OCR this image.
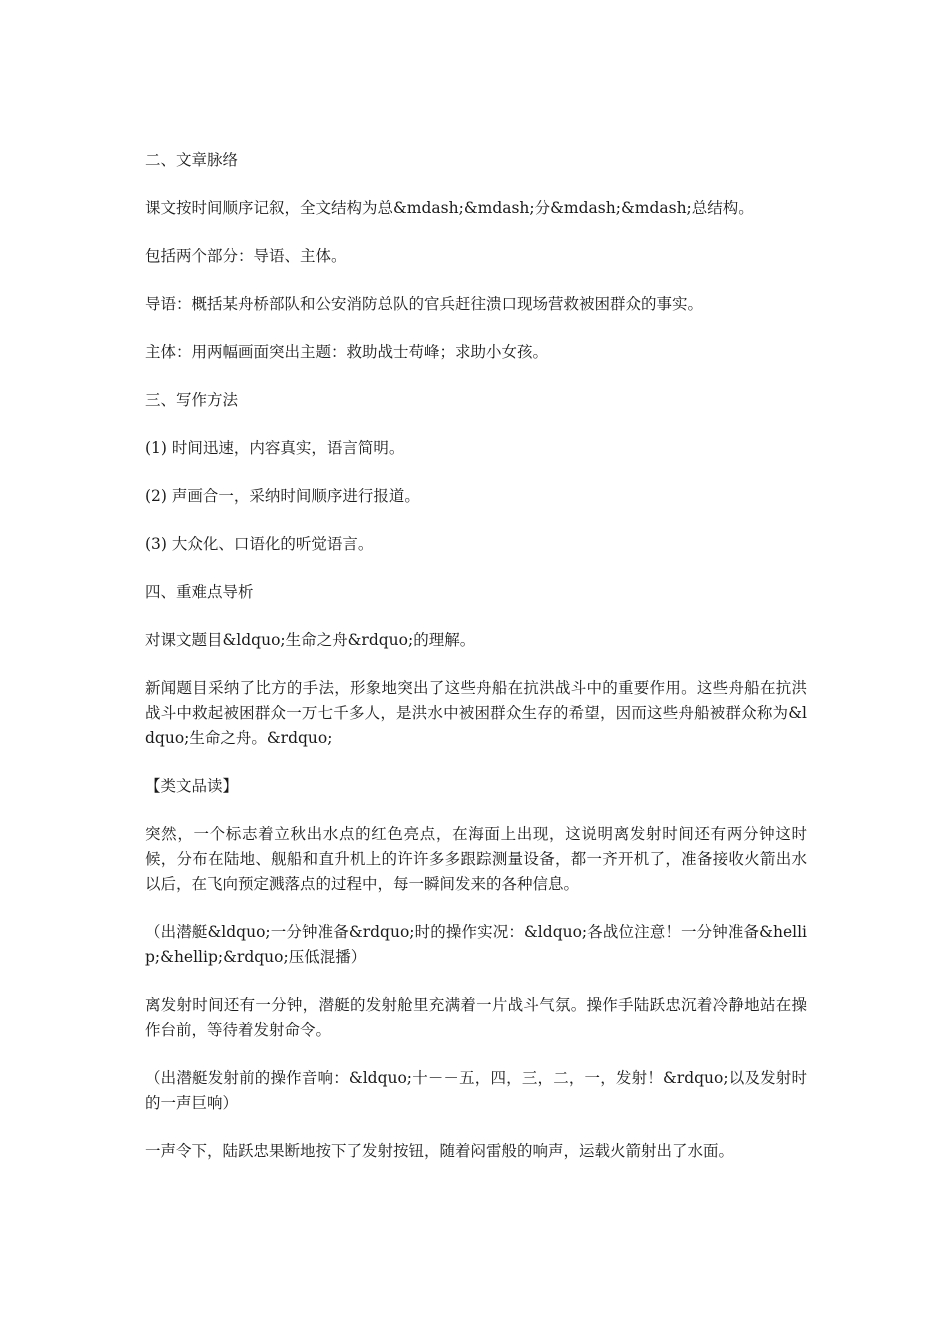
二、文章脉络

课文按时间顺序记叙，全文结构为总&mdash;&mdash;分&mdash;&mdash;总结构。

包括两个部分：导语、主体。

导语：概括某舟桥部队和公安消防总队的官兵赶往溃口现场营救被困群众的事实。

主体：用两幅画面突出主题：救助战士苟峰；求助小女孩。

三、写作方法

(1) 时间迅速，内容真实，语言简明。

(2) 声画合一，采纳时间顺序进行报道。

(3) 大众化、口语化的听觉语言。

四、重难点导析

对课文题目&ldquo;生命之舟&rdquo;的理解。

新闻题目采纳了比方的手法，形象地突出了这些舟船在抗洪战斗中的重要作用。这些舟船在抗洪战斗中救起被困群众一万七千多人，是洪水中被困群众生存的希望，因而这些舟船被群众称为&ldquo;生命之舟。&rdquo;

【类文品读】

突然，一个标志着立秋出水点的红色亮点，在海面上出现，这说明离发射时间还有两分钟这时候，分布在陆地、舰船和直升机上的许许多多跟踪测量设备，都一齐开机了，准备接收火箭出水以后，在飞向预定溅落点的过程中，每一瞬间发来的各种信息。

（出潜艇&ldquo;一分钟准备&rdquo;时的操作实况：&ldquo;各战位注意！一分钟准备&hellip;&hellip;&rdquo;压低混播）

离发射时间还有一分钟，潜艇的发射舱里充满着一片战斗气氛。操作手陆跃忠沉着冷静地站在操作台前，等待着发射命令。

（出潜艇发射前的操作音响：&ldquo;十－－五，四，三，二，一，发射！&rdquo;以及发射时的一声巨响）

一声令下，陆跃忠果断地按下了发射按钮，随着闷雷般的响声，运载火箭射出了水面。
